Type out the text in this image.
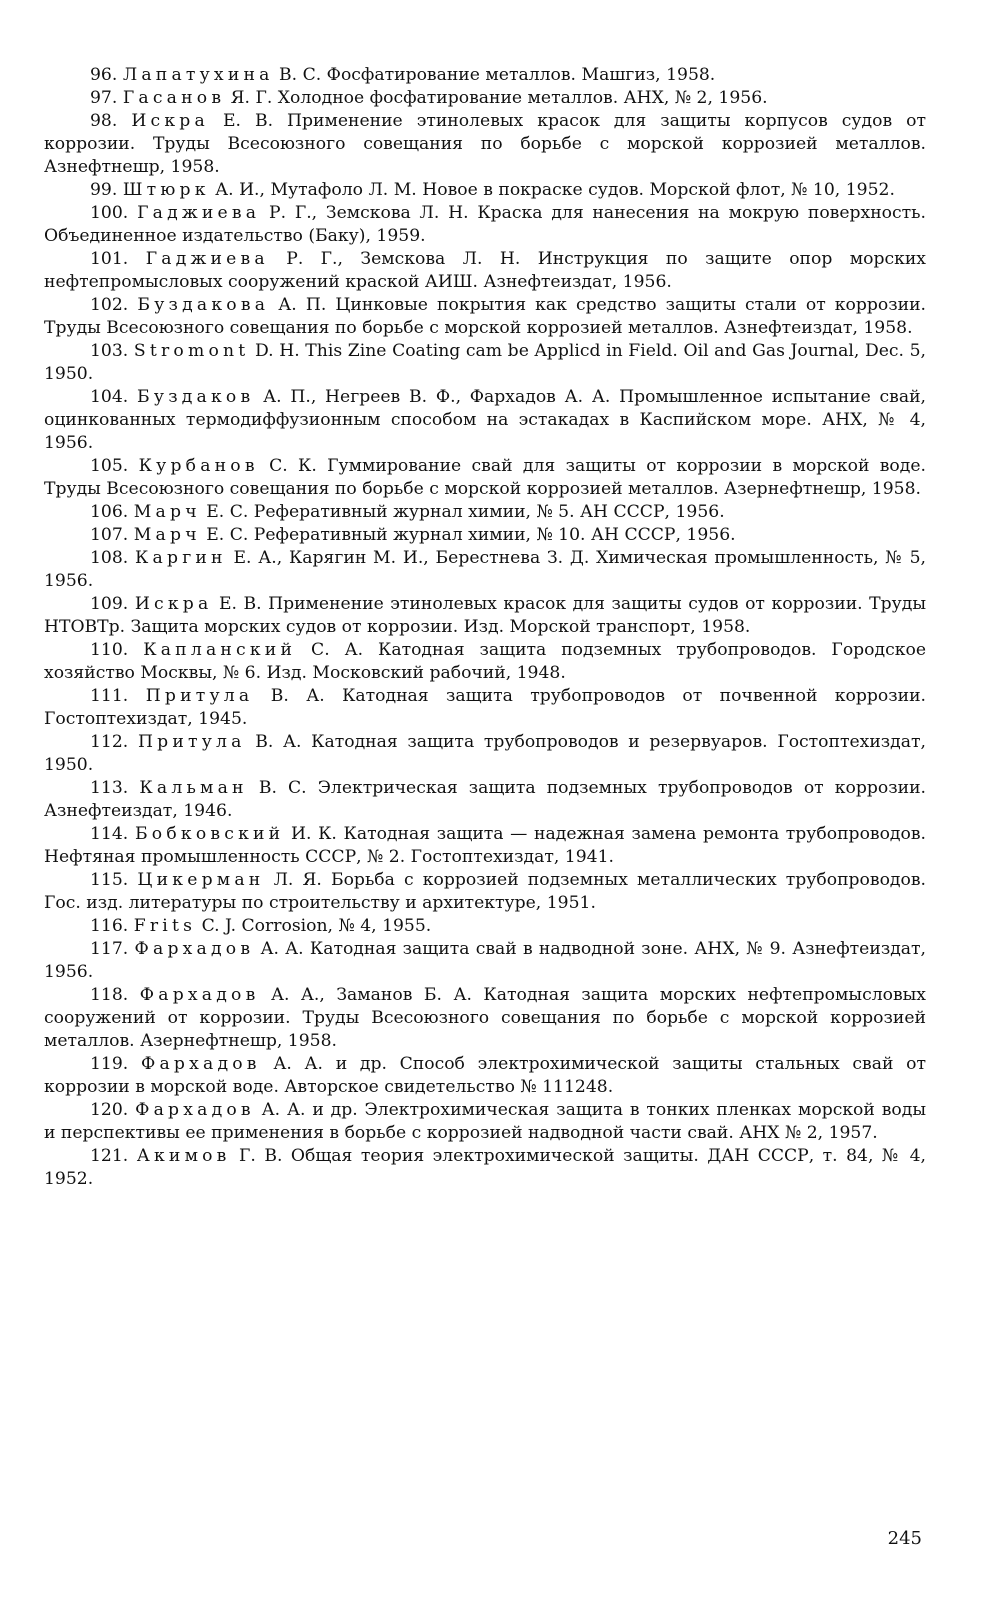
96. Лапатухина В. С. Фосфатирование металлов. Машгиз, 1958.

97. Гасанов Я. Г. Холодное фосфатирование металлов. АНХ, № 2, 1956.

98. Искра Е. В. Применение этинолевых красок для защиты корпусов судов от коррозии. Труды Всесоюзного совещания по борьбе с морской коррозией металлов. Азнефтнешр, 1958.

99. Штюрк А. И., Мутафоло Л. М. Новое в покраске судов. Морской флот, № 10, 1952.

100. Гаджиева Р. Г., Земскова Л. Н. Краска для нанесения на мокрую поверхность. Объединенное издательство (Баку), 1959.

101. Гаджиева Р. Г., Земскова Л. Н. Инструкция по защите опор морских нефтепромысловых сооружений краской АИШ. Азнефтеиздат, 1956.

102. Буздакова А. П. Цинковые покрытия как средство защиты стали от коррозии. Труды Всесоюзного совещания по борьбе с морской коррозией металлов. Азнефтеиздат, 1958.

103. Stromont D. H. This Zine Coating cam be Applicd in Field. Oil and Gas Journal, Dec. 5, 1950.

104. Буздаков А. П., Негреев В. Ф., Фархадов А. А. Промышленное испытание свай, оцинкованных термодиффузионным способом на эстакадах в Каспийском море. АНХ, № 4, 1956.

105. Курбанов С. К. Гуммирование свай для защиты от коррозии в морской воде. Труды Всесоюзного совещания по борьбе с морской коррозией металлов. Азернефтнешр, 1958.

106. Марч Е. С. Реферативный журнал химии, № 5. АН СССР, 1956.

107. Марч Е. С. Реферативный журнал химии, № 10. АН СССР, 1956.

108. Каргин Е. А., Карягин М. И., Берестнева З. Д. Химическая промышленность, № 5, 1956.

109. Искра Е. В. Применение этинолевых красок для защиты судов от коррозии. Труды НТОВТр. Защита морских судов от коррозии. Изд. Морской транспорт, 1958.

110. Капланский С. А. Катодная защита подземных трубопроводов. Городское хозяйство Москвы, № 6. Изд. Московский рабочий, 1948.

111. Притула В. А. Катодная защита трубопроводов от почвенной коррозии. Гостоптехиздат, 1945.

112. Притула В. А. Катодная защита трубопроводов и резервуаров. Гостоптехиздат, 1950.

113. Кальман В. С. Электрическая защита подземных трубопроводов от коррозии. Азнефтеиздат, 1946.

114. Бобковский И. К. Катодная защита — надежная замена ремонта трубопроводов. Нефтяная промышленность СССР, № 2. Гостоптехиздат, 1941.

115. Цикерман Л. Я. Борьба с коррозией подземных металлических трубопроводов. Гос. изд. литературы по строительству и архитектуре, 1951.

116. Frits C. J. Corrosion, № 4, 1955.

117. Фархадов А. А. Катодная защита свай в надводной зоне. АНХ, № 9. Азнефтеиздат, 1956.

118. Фархадов А. А., Заманов Б. А. Катодная защита морских нефтепромысловых сооружений от коррозии. Труды Всесоюзного совещания по борьбе с морской коррозией металлов. Азернефтнешр, 1958.

119. Фархадов А. А. и др. Способ электрохимической защиты стальных свай от коррозии в морской воде. Авторское свидетельство № 111248.

120. Фархадов А. А. и др. Электрохимическая защита в тонких пленках морской воды и перспективы ее применения в борьбе с коррозией надводной части свай. АНХ № 2, 1957.

121. Акимов Г. В. Общая теория электрохимической защиты. ДАН СССР, т. 84, № 4, 1952.

245
